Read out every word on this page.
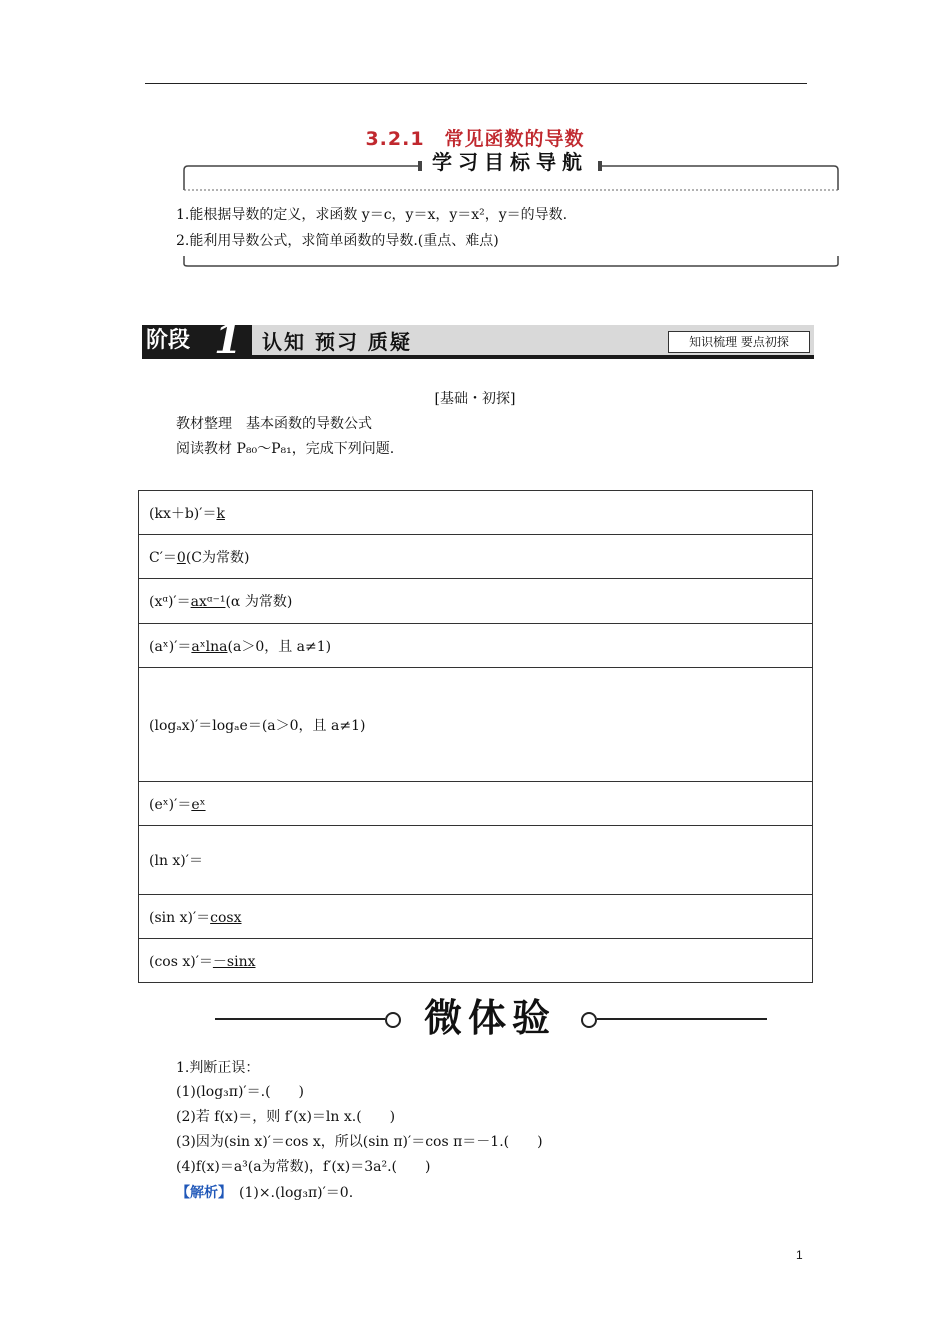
3.2.1　常见函数的导数
学习目标导航
1.能根据导数的定义，求函数 y＝c，y＝x，y＝x²，y＝的导数.
2.能利用导数公式，求简单函数的导数.(重点、难点)
阶段 1 认知 预习 质疑	知识梳理 要点初探
[基础・初探]
教材整理　基本函数的导数公式
阅读教材 P₈₀～P₈₁，完成下列问题.
(kx＋b)′＝k
C′＝0(C为常数)
(xᵅ)′＝axᵅ⁻¹(α 为常数)
(aˣ)′＝aˣlna(a＞0，且 a≠1)
(logₐx)′＝logₐe＝(a＞0，且 a≠1)
(eˣ)′＝eˣ
(ln x)′＝
(sin x)′＝cosx
(cos x)′＝－sinx
微体验
1.判断正误：
(1)(log₃π)′＝.(　　)
(2)若 f(x)＝，则 f′(x)＝ln x.(　　)
(3)因为(sin x)′＝cos x，所以(sin π)′＝cos π＝－1.(　　)
(4)f(x)＝a³(a为常数)，f′(x)＝3a².(　　)
【解析】　 (1)×.(log₃π)′＝0.
1
